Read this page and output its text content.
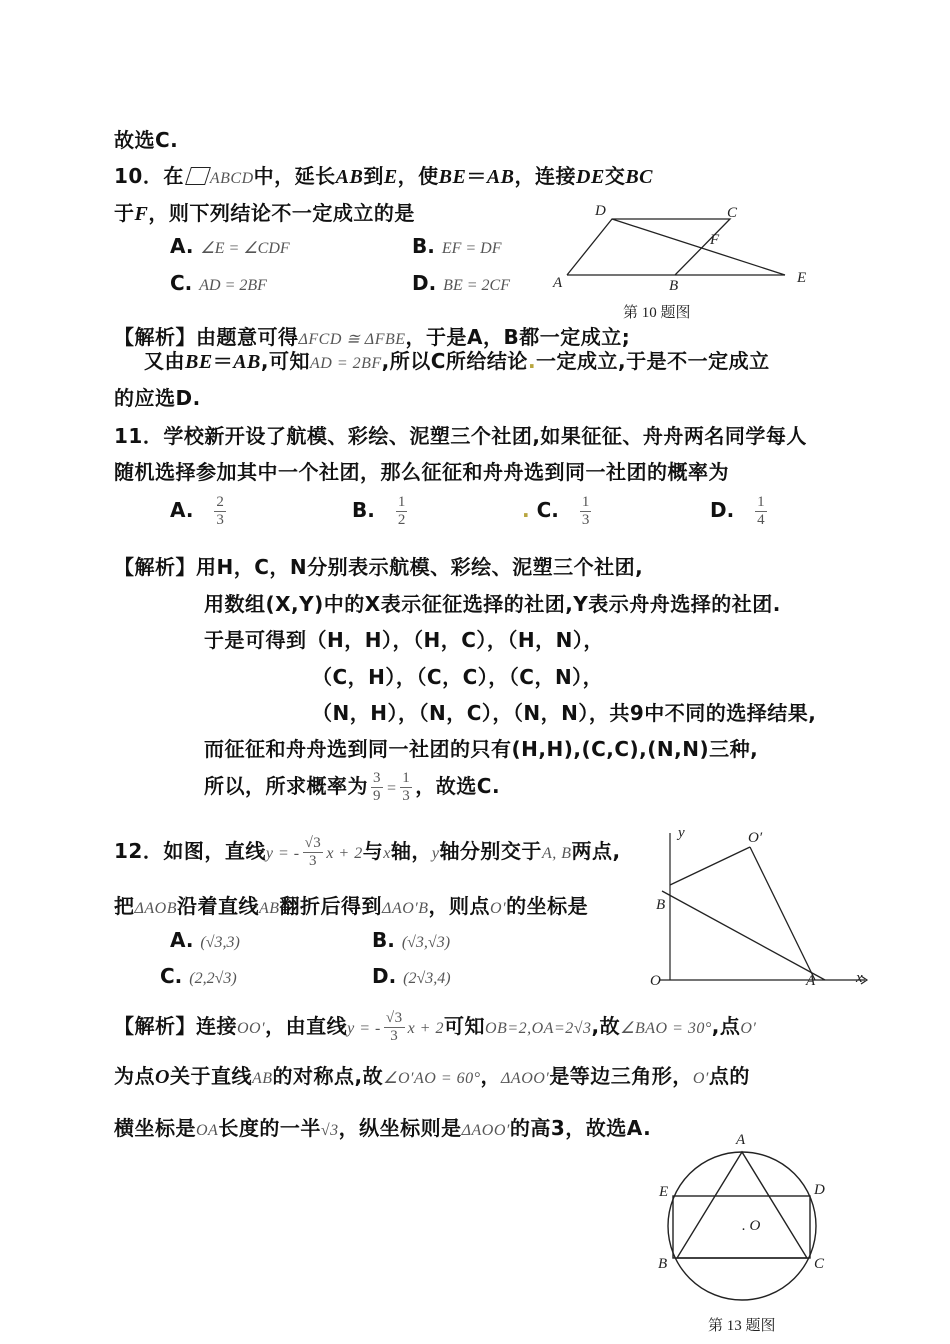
故选C.
10．在 ABCD中，延长AB到E，使BE＝AB，连接DE交BC
于F，则下列结论不一定成立的是
A. ∠E = ∠CDF	B. EF = DF
C. AD = 2BF	D. BE = 2CF
D	C
F
A	B	E
第 10 题图
【解析】由题意可得ΔFCD ≅ ΔFBE，于是A，B都一定成立;
又由BE＝AB,可知AD = 2BF,所以C所给结论.一定成立,于是不一定成立
的应选D.
11．学校新开设了航模、彩绘、泥塑三个社团,如果征征、舟舟两名同学每人
随机选择参加其中一个社团，那么征征和舟舟选到同一社团的概率为
A. $\frac{2}{3}$	B. $\frac{1}{2}$	. C. $\frac{1}{3}$	D. $\frac{1}{4}$
【解析】用H，C，N分别表示航模、彩绘、泥塑三个社团,
用数组(X,Y)中的X表示征征选择的社团,Y表示舟舟选择的社团.
于是可得到（H，H），（H，C），（H，N），
（C，H），（C，C），（C，N），
（N，H），（N，C），（N，N），共9中不同的选择结果,
而征征和舟舟选到同一社团的只有(H,H),(C,C),(N,N)三种,
所以，所求概率为 $\frac{3}{9} = \frac{1}{3}$ ，故选C.
12．如图，直线y = - $\frac{√3}{3}$ x + 2与x轴，y轴分别交于A, B两点,
把ΔAOB沿着直线AB翻折后得到ΔAO′B，则点O′的坐标是
A. (√3,3)	B. (√3,√3)
C. (2,2√3)	D. (2√3,4)
y	O′
B
O	A	x
【解析】连接OO′，由直线y = - $\frac{√3}{3}$ x + 2可知OB=2,OA=2√3,故∠BAO = 30°,点O′
为点O关于直线AB的对称点,故∠O′AO = 60°，ΔAOO′是等边三角形，O′点的
横坐标是OA长度的一半√3，纵坐标则是ΔAOO′的高3，故选A.	A
E	D
. O
B	C
第 13 题图
